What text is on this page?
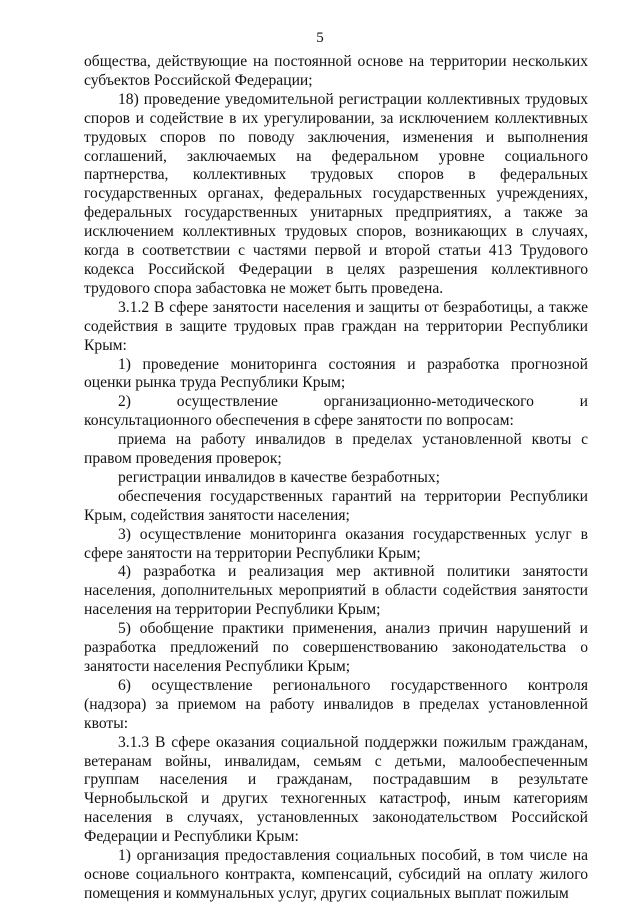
5

общества, действующие на постоянной основе на территории нескольких субъектов Российской Федерации;

18) проведение уведомительной регистрации коллективных трудовых споров и содействие в их урегулировании, за исключением коллективных трудовых споров по поводу заключения, изменения и выполнения соглашений, заключаемых на федеральном уровне социального партнерства, коллективных трудовых споров в федеральных государственных органах, федеральных государственных учреждениях, федеральных государственных унитарных предприятиях, а также за исключением коллективных трудовых споров, возникающих в случаях, когда в соответствии с частями первой и второй статьи 413 Трудового кодекса Российской Федерации в целях разрешения коллективного трудового спора забастовка не может быть проведена.

3.1.2 В сфере занятости населения и защиты от безработицы, а также содействия в защите трудовых прав граждан на территории Республики Крым:

1) проведение мониторинга состояния и разработка прогнозной оценки рынка труда Республики Крым;

2) осуществление организационно-методического и консультационного обеспечения в сфере занятости по вопросам:

приема на работу инвалидов в пределах установленной квоты с правом проведения проверок;

регистрации инвалидов в качестве безработных;

обеспечения государственных гарантий на территории Республики Крым, содействия занятости населения;

3) осуществление мониторинга оказания государственных услуг в сфере занятости на территории Республики Крым;

4) разработка и реализация мер активной политики занятости населения, дополнительных мероприятий в области содействия занятости населения на территории Республики Крым;

5) обобщение практики применения, анализ причин нарушений и разработка предложений по совершенствованию законодательства о занятости населения Республики Крым;

6) осуществление регионального государственного контроля (надзора) за приемом на работу инвалидов в пределах установленной квоты:

3.1.3 В сфере оказания социальной поддержки пожилым гражданам, ветеранам войны, инвалидам, семьям с детьми, малообеспеченным группам населения и гражданам, пострадавшим в результате Чернобыльской и других техногенных катастроф, иным категориям населения в случаях, установленных законодательством Российской Федерации и Республики Крым:

1) организация предоставления социальных пособий, в том числе на основе социального контракта, компенсаций, субсидий на оплату жилого помещения и коммунальных услуг, других социальных выплат пожилым
